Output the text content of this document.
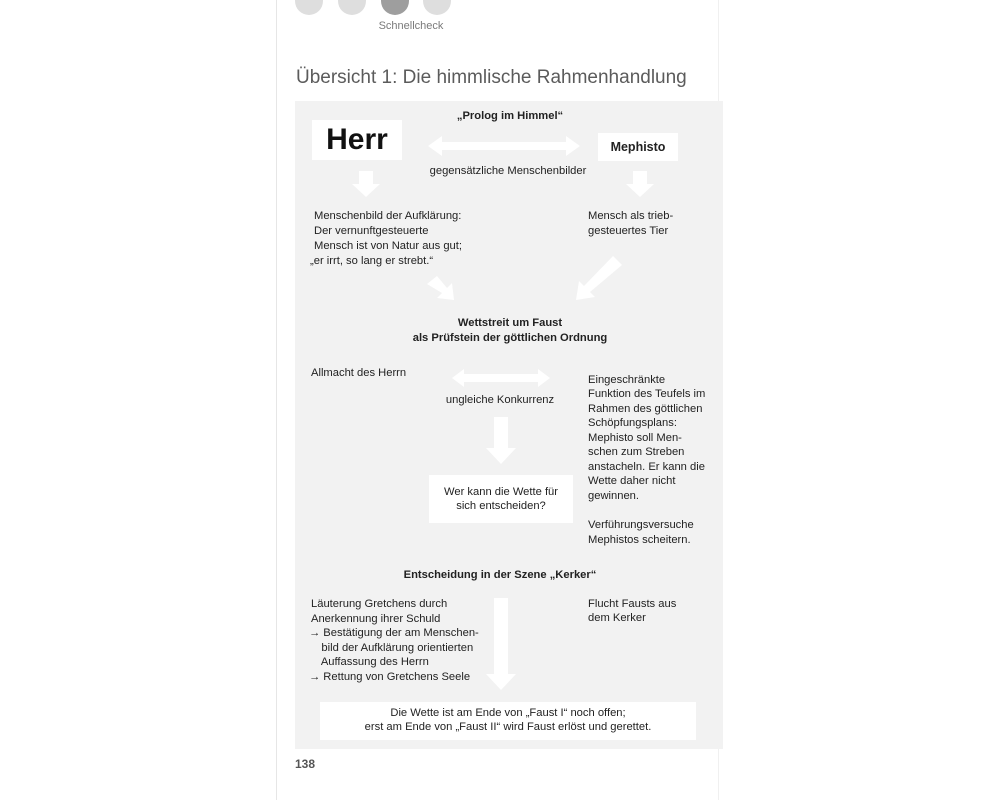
Schnellcheck
Übersicht 1: Die himmlische Rahmenhandlung
„Prolog im Himmel“
Herr	Mephisto
gegensätzliche Menschenbilder
Menschenbild der Aufklärung:
Der vernunftgesteuerte
Mensch ist von Natur aus gut;
„er irrt, so lang er strebt.“
Mensch als trieb-
gesteuertes Tier
Wettstreit um Faust
als Prüfstein der göttlichen Ordnung
Allmacht des Herrn
ungleiche Konkurrenz
Eingeschränkte
Funktion des Teufels im
Rahmen des göttlichen
Schöpfungsplans:
Mephisto soll Men-
schen zum Streben
anstacheln. Er kann die
Wette daher nicht
gewinnen.
Verführungsversuche
Mephistos scheitern.
Wer kann die Wette für
sich entscheiden?
Entscheidung in der Szene „Kerker“
Läuterung Gretchens durch
Anerkennung ihrer Schuld
→ Bestätigung der am Menschen-
bild der Aufklärung orientierten
Auffassung des Herrn
→ Rettung von Gretchens Seele
Flucht Fausts aus
dem Kerker
Die Wette ist am Ende von „Faust I“ noch offen;
erst am Ende von „Faust II“ wird Faust erlöst und gerettet.
138
